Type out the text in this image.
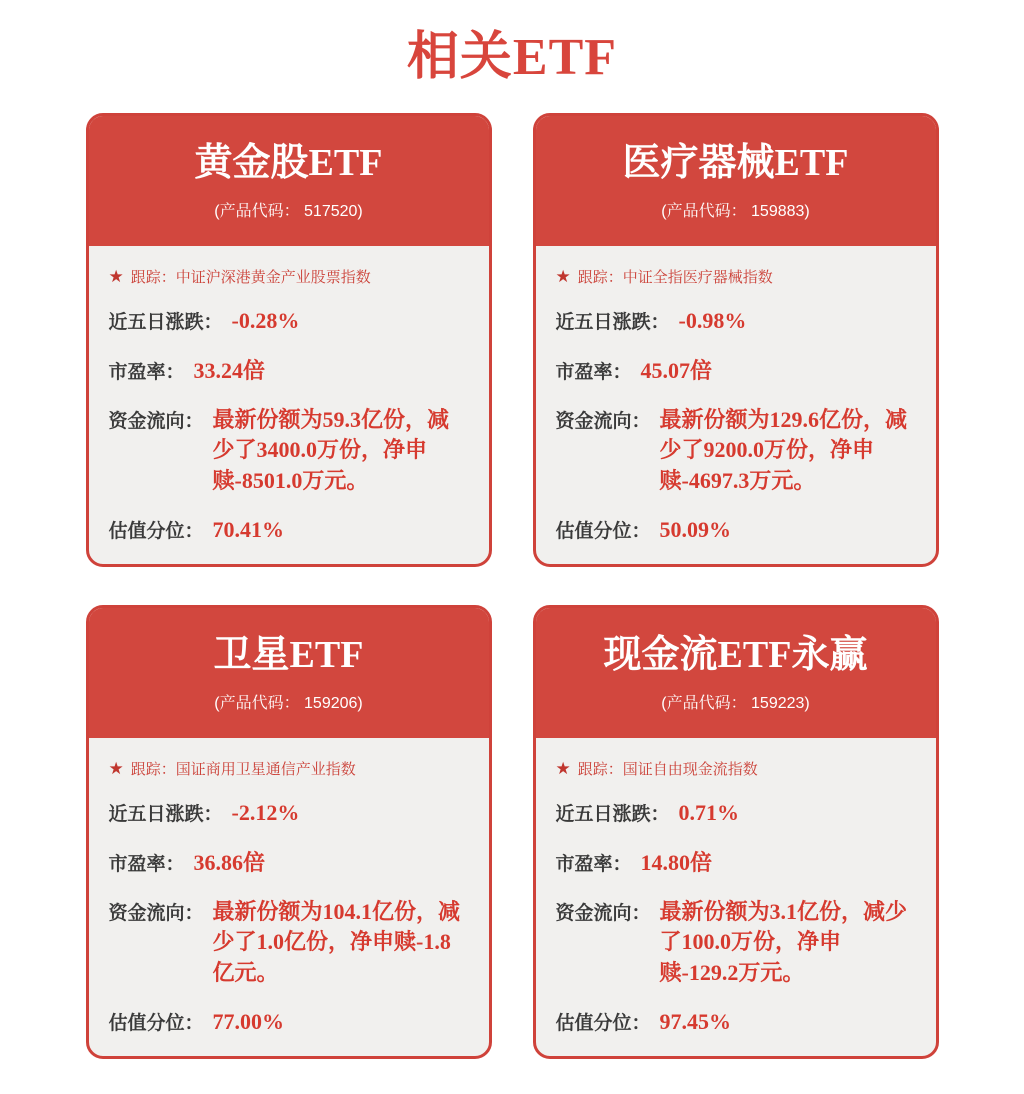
相关ETF
黄金股ETF
(产品代码： 517520)
★ 跟踪： 中证沪深港黄金产业股票指数
近五日涨跌： -0.28%
市盈率： 33.24倍
资金流向： 最新份额为59.3亿份，减少了3400.0万份，净申赎-8501.0万元。
估值分位： 70.41%
医疗器械ETF
(产品代码： 159883)
★ 跟踪： 中证全指医疗器械指数
近五日涨跌： -0.98%
市盈率： 45.07倍
资金流向： 最新份额为129.6亿份，减少了9200.0万份，净申赎-4697.3万元。
估值分位： 50.09%
卫星ETF
(产品代码： 159206)
★ 跟踪： 国证商用卫星通信产业指数
近五日涨跌： -2.12%
市盈率： 36.86倍
资金流向： 最新份额为104.1亿份，减少了1.0亿份，净申赎-1.8亿元。
估值分位： 77.00%
现金流ETF永赢
(产品代码： 159223)
★ 跟踪： 国证自由现金流指数
近五日涨跌： 0.71%
市盈率： 14.80倍
资金流向： 最新份额为3.1亿份，减少了100.0万份，净申赎-129.2万元。
估值分位： 97.45%
